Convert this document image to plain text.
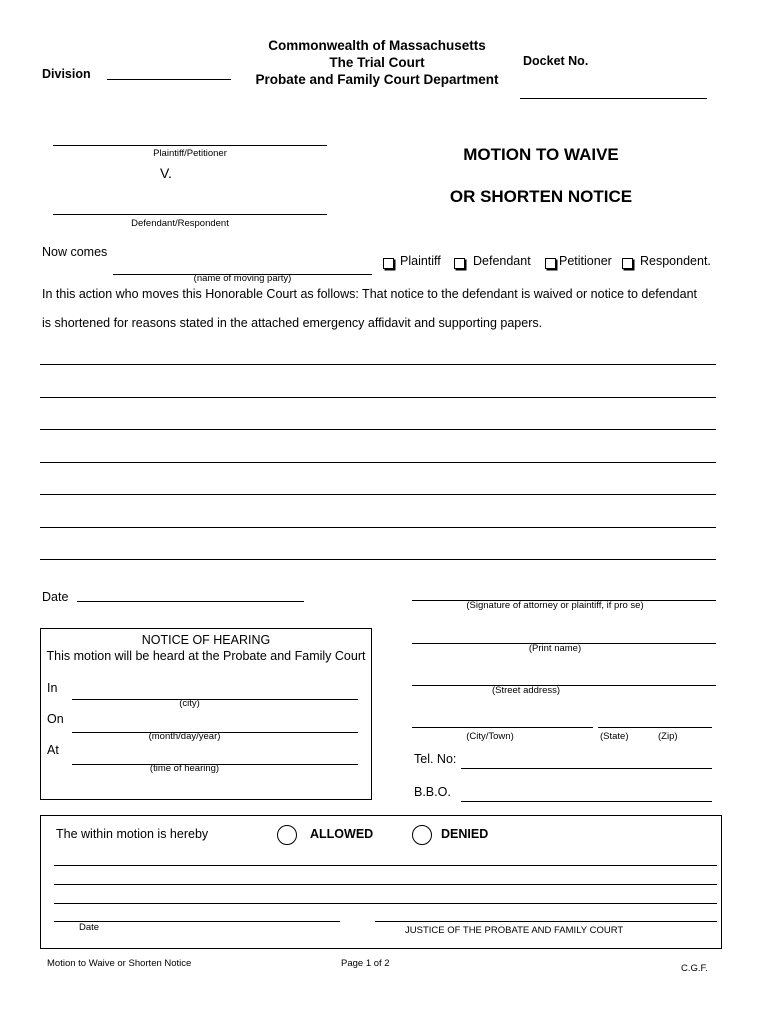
Commonwealth of Massachusetts
The Trial Court
Probate and Family Court Department
Division
Docket No.
Plaintiff/Petitioner
V.
Defendant/Respondent
MOTION TO WAIVE
OR SHORTEN NOTICE
Now comes
(name of moving party)
Plaintiff	Defendant Petitioner Respondent.
In this action who moves this Honorable Court as follows: That notice to the defendant is waived or notice to defendant
is shortened for reasons stated in the attached emergency affidavit and supporting papers.
Date
(Signature of attorney or plaintiff, if pro se)
(Print name)
(Street address)
(City/Town)	(State)	(Zip)
Tel. No:
B.B.O.
NOTICE OF HEARING
This motion will be heard at the Probate and Family Court
In
(city)
On
(month/day/year)
At
(time of hearing)
The within motion is hereby	ALLOWED	DENIED
Date	JUSTICE OF THE PROBATE AND FAMILY COURT
Motion to Waive or Shorten Notice	Page 1 of 2	C.G.F.
